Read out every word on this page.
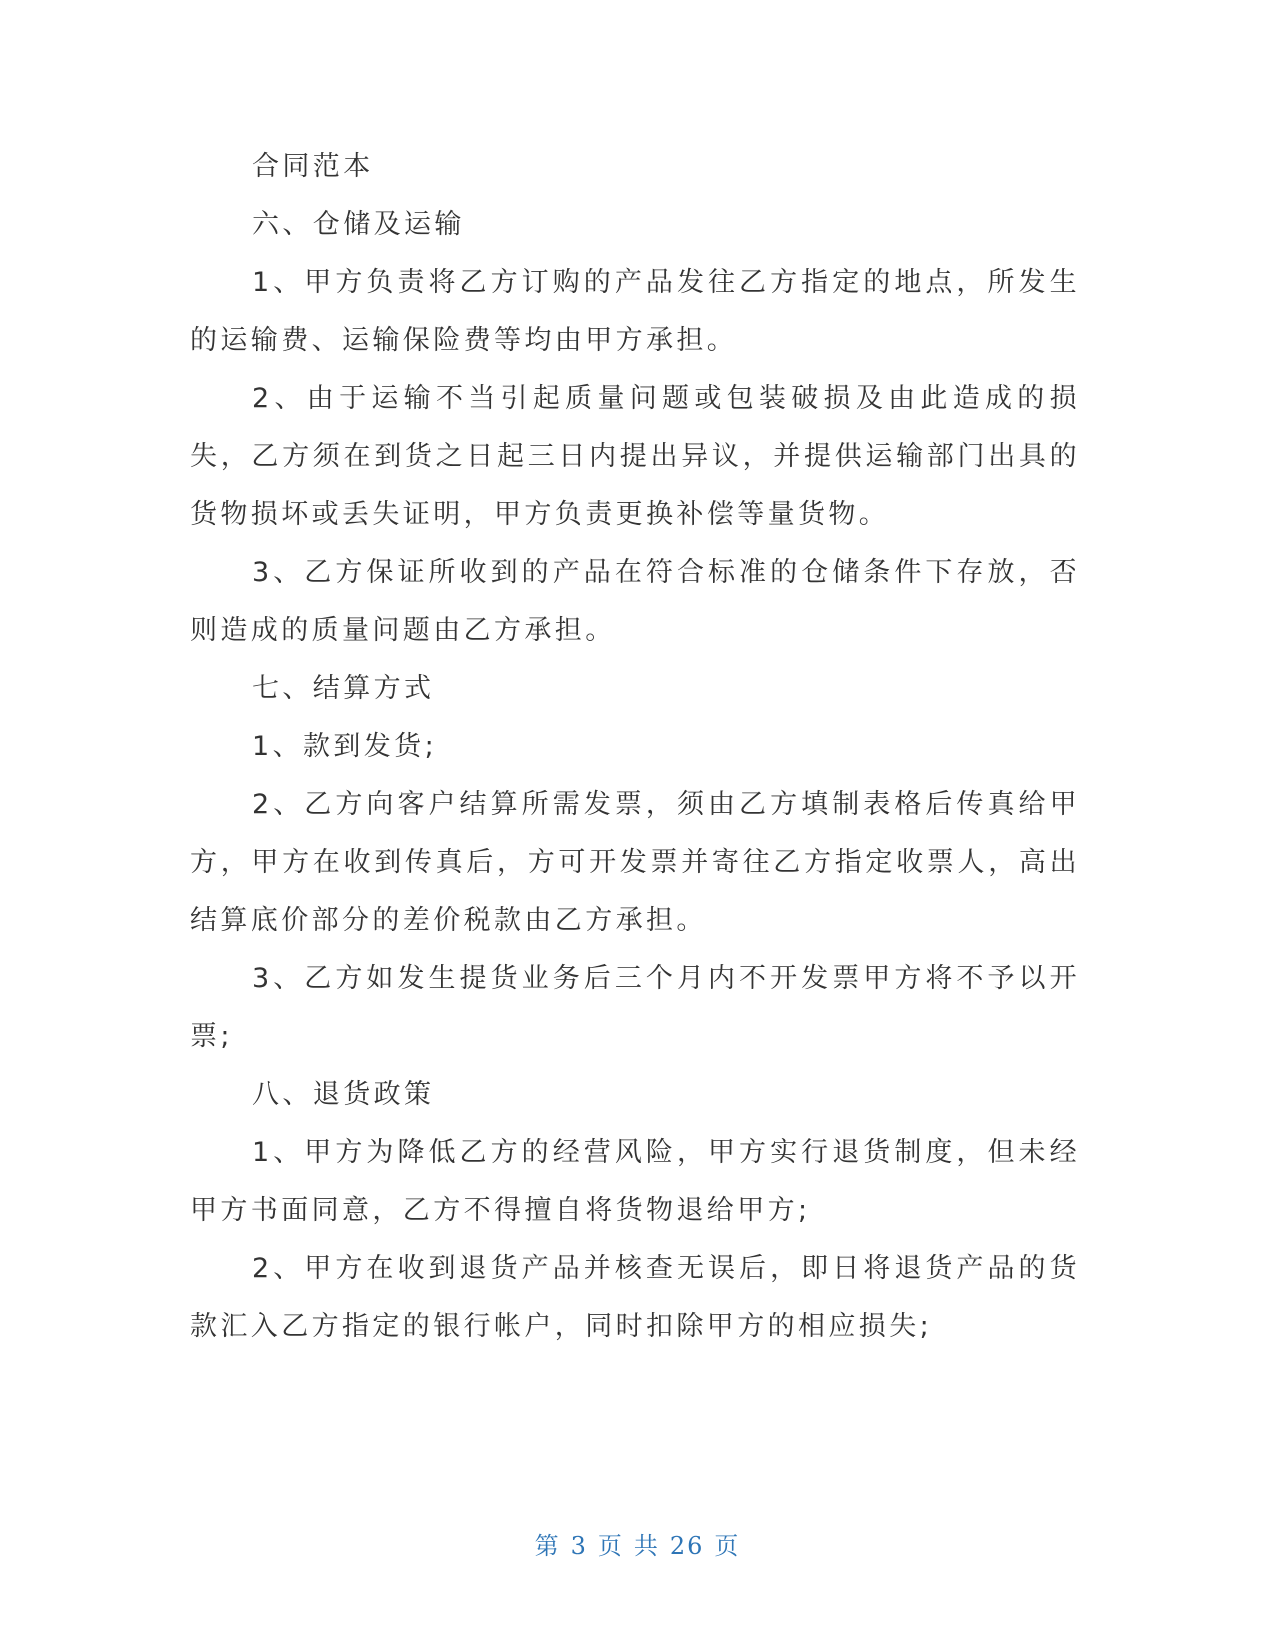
合同范本

六、仓储及运输

1、甲方负责将乙方订购的产品发往乙方指定的地点，所发生的运输费、运输保险费等均由甲方承担。

2、由于运输不当引起质量问题或包装破损及由此造成的损失，乙方须在到货之日起三日内提出异议，并提供运输部门出具的货物损坏或丢失证明，甲方负责更换补偿等量货物。

3、乙方保证所收到的产品在符合标准的仓储条件下存放，否则造成的质量问题由乙方承担。

七、结算方式

1、款到发货;

2、乙方向客户结算所需发票，须由乙方填制表格后传真给甲方，甲方在收到传真后，方可开发票并寄往乙方指定收票人，高出结算底价部分的差价税款由乙方承担。

3、乙方如发生提货业务后三个月内不开发票甲方将不予以开票;

八、退货政策

1、甲方为降低乙方的经营风险，甲方实行退货制度，但未经甲方书面同意，乙方不得擅自将货物退给甲方;

2、甲方在收到退货产品并核查无误后，即日将退货产品的货款汇入乙方指定的银行帐户，同时扣除甲方的相应损失;

第 3 页 共 26 页
